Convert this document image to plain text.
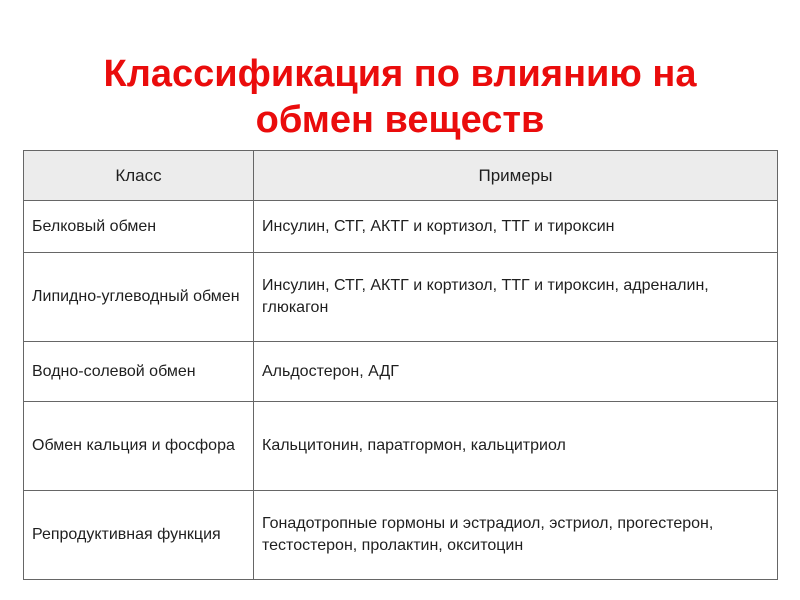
Классификация по влиянию на
обмен веществ
Класс	Примеры
Белковый обмен	Инсулин, СТГ, АКТГ и кортизол, ТТГ и тироксин
Липидно-углеводный обмен	Инсулин, СТГ, АКТГ и кортизол, ТТГ и тироксин, адреналин, глюкагон
Водно-солевой обмен	Альдостерон, АДГ
Обмен кальция и фосфора	Кальцитонин, паратгормон, кальцитриол
Репродуктивная функция	Гонадотропные гормоны и эстрадиол, эстриол, прогестерон, тестостерон, пролактин, окситоцин
